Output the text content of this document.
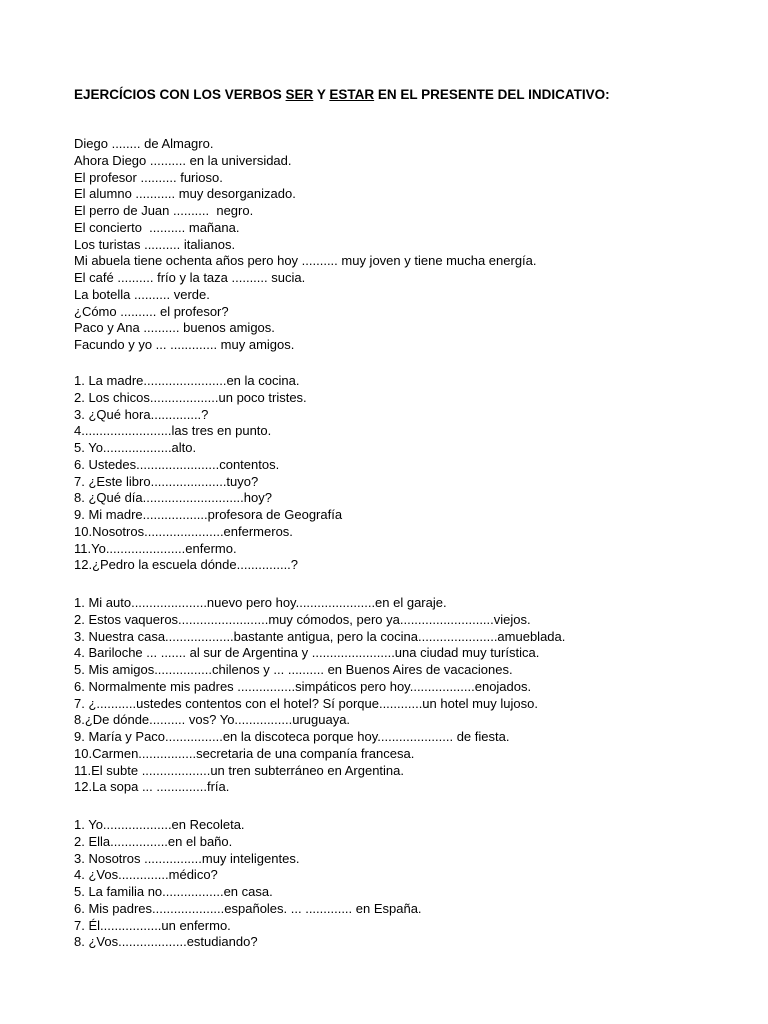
EJERCÍCIOS CON LOS VERBOS SER Y ESTAR EN EL PRESENTE DEL INDICATIVO:
Diego ........ de Almagro.
Ahora Diego .......... en la universidad.
El profesor .......... furioso.
El alumno ........... muy desorganizado.
El perro de Juan ..........  negro.
El concierto  .......... mañana.
Los turistas .......... italianos.
Mi abuela tiene ochenta años pero hoy .......... muy joven y tiene mucha energía.
El café .......... frío y la taza .......... sucia.
La botella .......... verde.
¿Cómo .......... el profesor?
Paco y Ana .......... buenos amigos.
Facundo y yo ... ............. muy amigos.
1. La madre.......................en la cocina.
2. Los chicos...................un poco tristes.
3. ¿Qué hora..............?
4.........................las tres en punto.
5. Yo...................alto.
6. Ustedes.......................contentos.
7. ¿Este libro.....................tuyo?
8. ¿Qué día............................hoy?
9. Mi madre..................profesora de Geografía
10.Nosotros......................enfermeros.
11.Yo......................enfermo.
12.¿Pedro la escuela dónde...............?
1. Mi auto.....................nuevo pero hoy......................en el garaje.
2. Estos vaqueros.........................muy cómodos, pero ya..........................viejos.
3. Nuestra casa...................bastante antigua, pero la cocina......................amueblada.
4. Bariloche ... ....... al sur de Argentina y .......................una ciudad muy turística.
5. Mis amigos................chilenos y ... .......... en Buenos Aires de vacaciones.
6. Normalmente mis padres ................simpáticos pero hoy..................enojados.
7. ¿...........ustedes contentos con el hotel? Sí porque............un hotel muy lujoso.
8.¿De dónde.......... vos? Yo................uruguaya.
9. María y Paco................en la discoteca porque hoy..................... de fiesta.
10.Carmen................secretaria de una companía francesa.
11.El subte ...................un tren subterráneo en Argentina.
12.La sopa ... ..............fría.
1. Yo...................en Recoleta.
2. Ella................en el baño.
3. Nosotros ................muy inteligentes.
4. ¿Vos..............médico?
5. La familia no.................en casa.
6. Mis padres....................españoles. ... ............. en España.
7. Él.................un enfermo.
8. ¿Vos...................estudiando?
